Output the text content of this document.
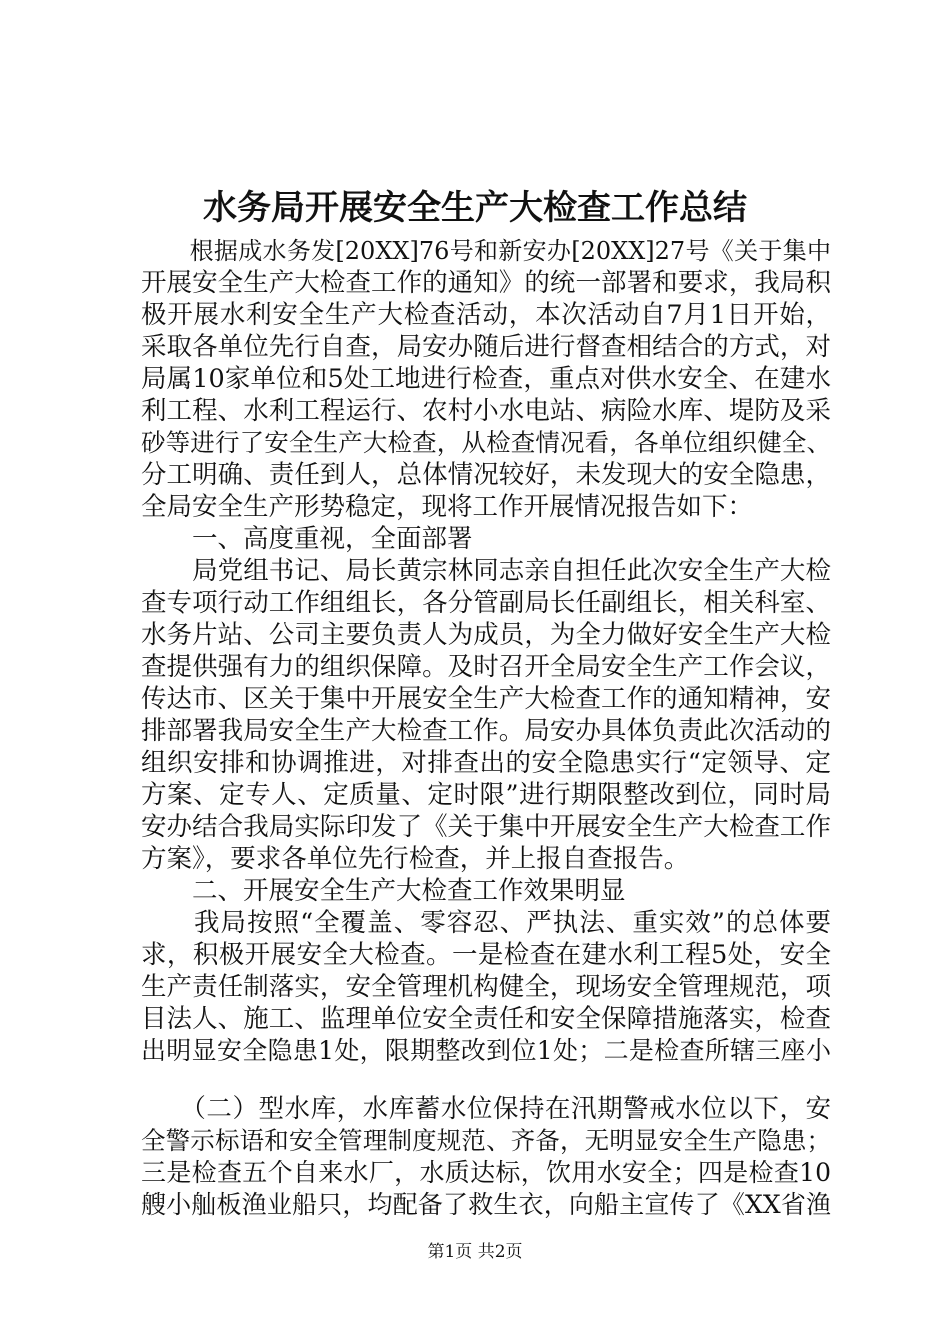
水务局开展安全生产大检查工作总结

　　根据成水务发[20XX]76号和新安办[20XX]27号《关于集中

开展安全生产大检查工作的通知》的统一部署和要求，我局积

极开展水利安全生产大检查活动，本次活动自7月1日开始，

采取各单位先行自查，局安办随后进行督查相结合的方式，对

局属10家单位和5处工地进行检查，重点对供水安全、在建水

利工程、水利工程运行、农村小水电站、病险水库、堤防及采

砂等进行了安全生产大检查，从检查情况看，各单位组织健全、

分工明确、责任到人，总体情况较好，未发现大的安全隐患，

全局安全生产形势稳定，现将工作开展情况报告如下：

　　一、高度重视，全面部署

　　局党组书记、局长黄宗林同志亲自担任此次安全生产大检

查专项行动工作组组长，各分管副局长任副组长，相关科室、

水务片站、公司主要负责人为成员，为全力做好安全生产大检

查提供强有力的组织保障。及时召开全局安全生产工作会议，

传达市、区关于集中开展安全生产大检查工作的通知精神，安

排部署我局安全生产大检查工作。局安办具体负责此次活动的

组织安排和协调推进，对排查出的安全隐患实行“定领导、定

方案、定专人、定质量、定时限”进行期限整改到位，同时局

安办结合我局实际印发了《关于集中开展安全生产大检查工作

方案》，要求各单位先行检查，并上报自查报告。

　　二、开展安全生产大检查工作效果明显

　　我局按照“全覆盖、零容忍、严执法、重实效”的总体要

求，积极开展安全大检查。一是检查在建水利工程5处，安全

生产责任制落实，安全管理机构健全，现场安全管理规范，项

目法人、施工、监理单位安全责任和安全保障措施落实，检查

出明显安全隐患1处，限期整改到位1处；二是检查所辖三座小

　　（二）型水库，水库蓄水位保持在汛期警戒水位以下，安

全警示标语和安全管理制度规范、齐备，无明显安全生产隐患；

三是检查五个自来水厂，水质达标，饮用水安全；四是检查10

艘小舢板渔业船只，均配备了救生衣，向船主宣传了《XX省渔

第1页 共2页
